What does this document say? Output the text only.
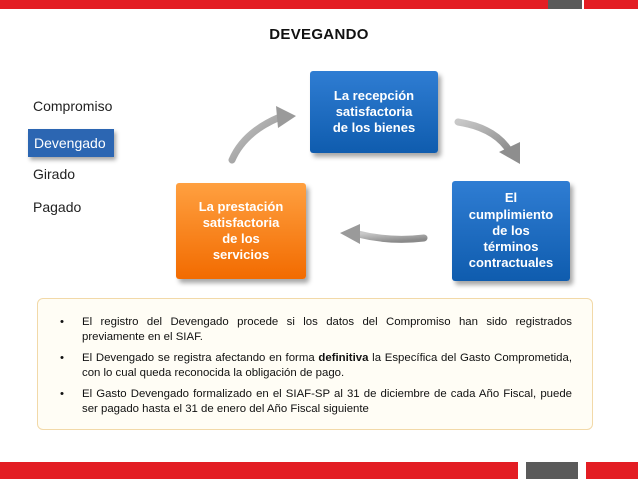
DEVEGANDO
Compromiso
Devengado
Girado
Pagado
La recepción
satisfactoria
de los bienes
El
cumplimiento
de los
términos
contractuales
La prestación
satisfactoria
de los
servicios
• El registro del Devengado procede si los datos del Compromiso han sido registrados previamente en el SIAF.
• El Devengado se registra afectando en forma definitiva la Específica del Gasto Comprometida, con lo cual queda reconocida la obligación de pago.
• El Gasto Devengado formalizado en el SIAF-SP al 31 de diciembre de cada Año Fiscal, puede ser pagado hasta el 31 de enero del Año Fiscal siguiente
